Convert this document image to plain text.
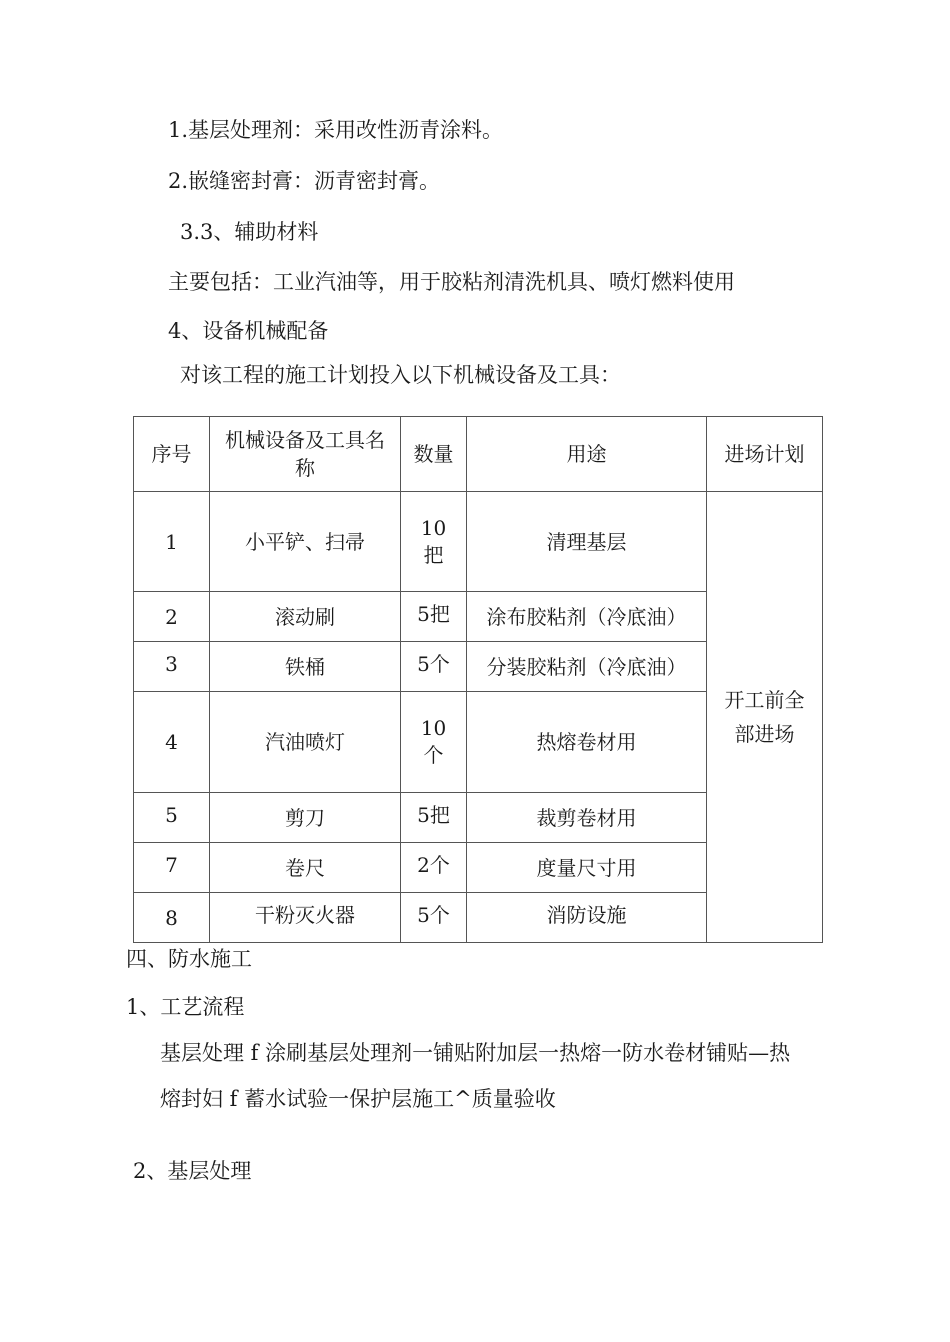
1.基层处理剂：采用改性沥青涂料。
2.嵌缝密封膏：沥青密封膏。
3.3、辅助材料
主要包括：工业汽油等，用于胶粘剂清洗机具、喷灯燃料使用
4、设备机械配备
对该工程的施工计划投入以下机械设备及工具：
序号	机械设备及工具名称	数量	用途	进场计划
1	小平铲、扫帚	10把	清理基层	开工前全部进场

2	滚动刷	5把	涂布胶粘剂（冷底油）	
3	铁桶	5个	分装胶粘剂（冷底油）	
4	汽油喷灯	10个	热熔卷材用	
5	剪刀	5把	裁剪卷材用	
7	卷尺	2个	度量尺寸用	
8	干粉灭火器	5个	消防设施	
四、防水施工
1、工艺流程
基层处理 f 涂刷基层处理剂一铺贴附加层一热熔一防水卷材铺贴—热
熔封妇 f 蓄水试验一保护层施工^质量验收
2、基层处理
